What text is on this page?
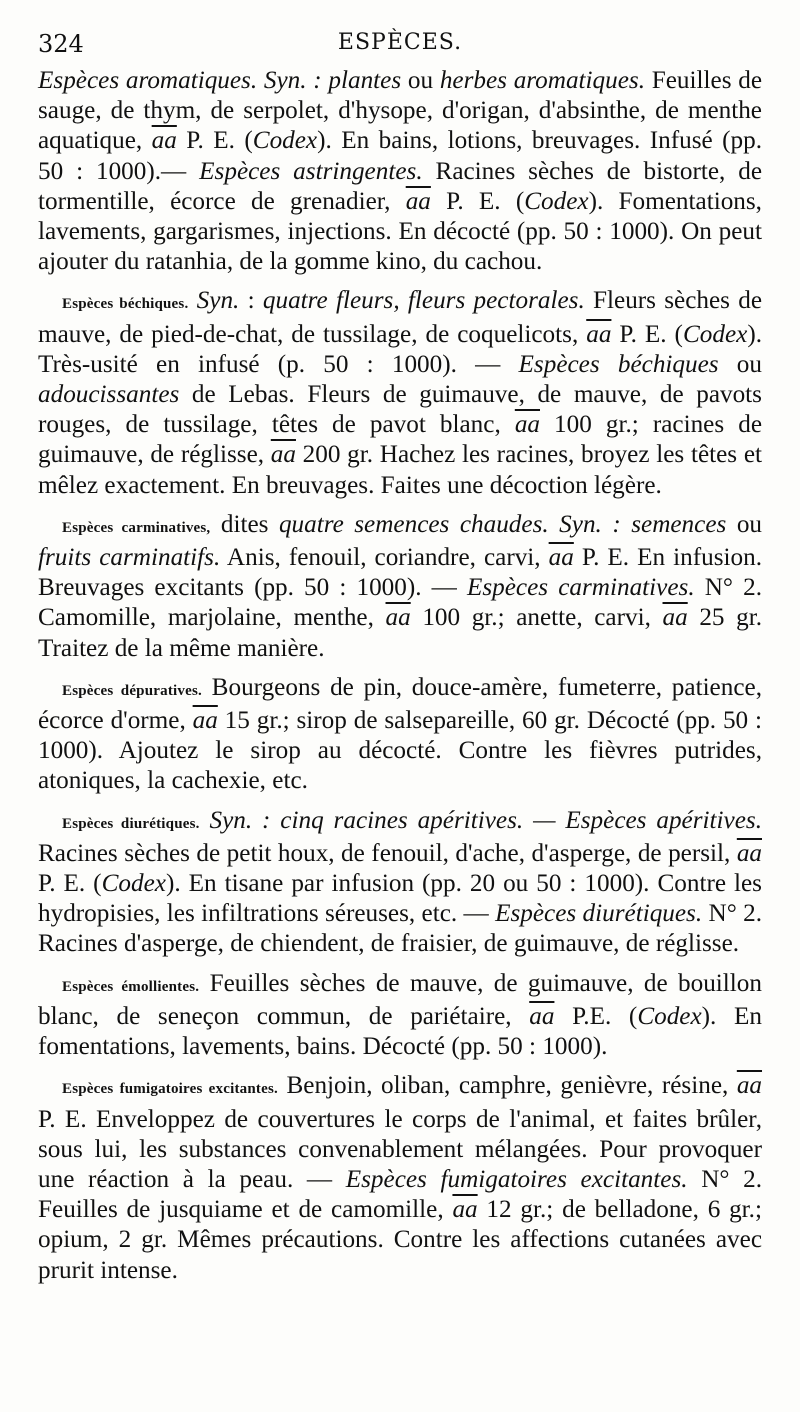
324	ESPÈCES.

Espèces aromatiques. Syn. : plantes ou herbes aromatiques. Feuilles de sauge, de thym, de serpolet, d'hysope, d'origan, d'absinthe, de menthe aquatique, $\overline{aa}$ P. E. (Codex). En bains, lotions, breuvages. Infusé (pp. 50 : 1000).— Espèces astringentes. Racines sèches de bistorte, de tormentille, écorce de grenadier, $\overline{aa}$ P. E. (Codex). Fomentations, lavements, gargarismes, injections. En décocté (pp. 50 : 1000). On peut ajouter du ratanhia, de la gomme kino, du cachou.

Espèces béchiques. Syn. : quatre fleurs, fleurs pectorales. Fleurs sèches de mauve, de pied-de-chat, de tussilage, de coquelicots, $\overline{aa}$ P. E. (Codex). Très-usité en infusé (p. 50 : 1000). — Espèces béchiques ou adoucissantes de Lebas. Fleurs de guimauve, de mauve, de pavots rouges, de tussilage, têtes de pavot blanc, $\overline{aa}$ 100 gr.; racines de guimauve, de réglisse, $\overline{aa}$ 200 gr. Hachez les racines, broyez les têtes et mêlez exactement. En breuvages. Faites une décoction légère.

Espèces carminatives, dites quatre semences chaudes. Syn. : semences ou fruits carminatifs. Anis, fenouil, coriandre, carvi, $\overline{aa}$ P. E. En infusion. Breuvages excitants (pp. 50 : 1000). — Espèces carminatives. N° 2. Camomille, marjolaine, menthe, $\overline{aa}$ 100 gr.; anette, carvi, $\overline{aa}$ 25 gr. Traitez de la même manière.

Espèces dépuratives. Bourgeons de pin, douce-amère, fumeterre, patience, écorce d'orme, $\overline{aa}$ 15 gr.; sirop de salsepareille, 60 gr. Décocté (pp. 50 : 1000). Ajoutez le sirop au décocté. Contre les fièvres putrides, atoniques, la cachexie, etc.

Espèces diurétiques. Syn. : cinq racines apéritives. — Espèces apéritives. Racines sèches de petit houx, de fenouil, d'ache, d'asperge, de persil, $\overline{aa}$ P. E. (Codex). En tisane par infusion (pp. 20 ou 50 : 1000). Contre les hydropisies, les infiltrations séreuses, etc. — Espèces diurétiques. N° 2. Racines d'asperge, de chiendent, de fraisier, de guimauve, de réglisse.

Espèces émollientes. Feuilles sèches de mauve, de guimauve, de bouillon blanc, de seneçon commun, de pariétaire, $\overline{aa}$ P.E. (Codex). En fomentations, lavements, bains. Décocté (pp. 50 : 1000).

Espèces fumigatoires excitantes. Benjoin, oliban, camphre, genièvre, résine, $\overline{aa}$ P. E. Enveloppez de couvertures le corps de l'animal, et faites brûler, sous lui, les substances convenablement mélangées. Pour provoquer une réaction à la peau. — Espèces fumigatoires excitantes. N° 2. Feuilles de jusquiame et de camomille, $\overline{aa}$ 12 gr.; de belladone, 6 gr.; opium, 2 gr. Mêmes précautions. Contre les affections cutanées avec prurit intense.
